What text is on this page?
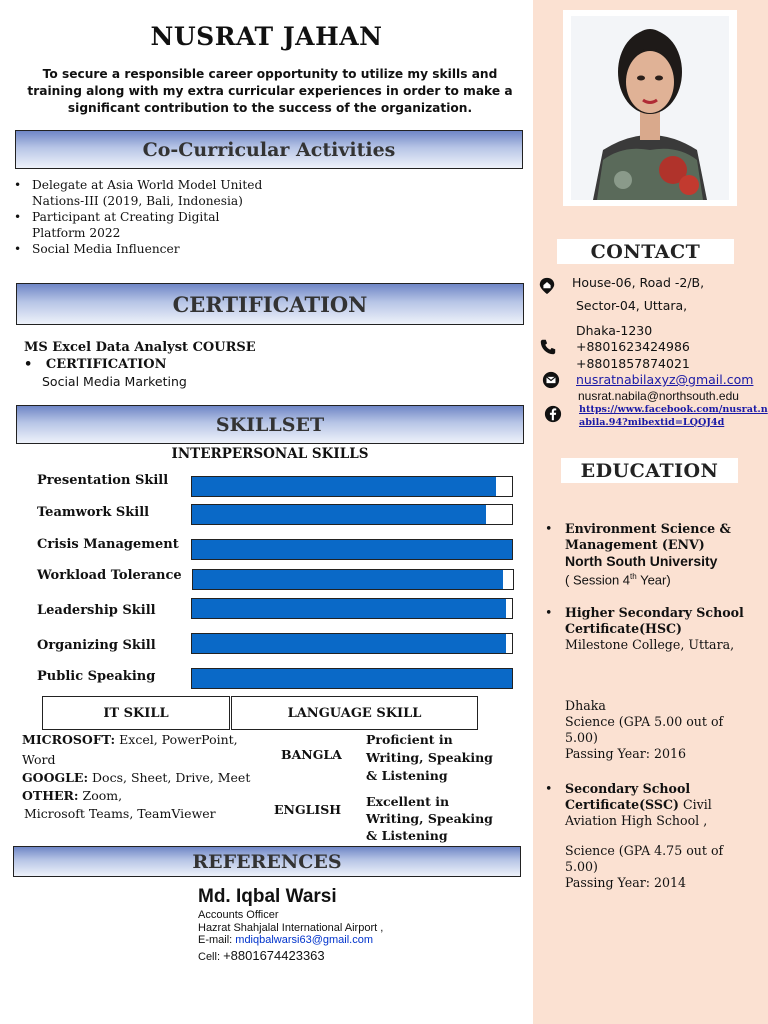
NUSRAT JAHAN
To secure a responsible career opportunity to utilize my skills and training along with my extra curricular experiences in order to make a significant contribution to the success of the organization.
Co-Curricular Activities
• Delegate at Asia World Model United
Nations-III (2019, Bali, Indonesia)
• Participant at Creating Digital
Platform 2022
• Social Media Influencer
CERTIFICATION
MS Excel Data Analyst COURSE
•   CERTIFICATION
Social Media Marketing
SKILLSET
INTERPERSONAL SKILLS
Presentation Skill
Teamwork Skill
Crisis Management
Workload Tolerance
Leadership Skill
Organizing Skill
Public Speaking
IT SKILL	LANGUAGE SKILL
MICROSOFT: Excel, PowerPoint,
Word
GOOGLE: Docs, Sheet, Drive, Meet
OTHER: Zoom,
Microsoft Teams, TeamViewer
BANGLA
Proficient in
Writing, Speaking
& Listening
ENGLISH
Excellent in
Writing, Speaking
& Listening
REFERENCES
Md. Iqbal Warsi
Accounts Officer
Hazrat Shahjalal International Airport ,
E-mail: mdiqbalwarsi63@gmail.com
Cell: +8801674423363
CONTACT
House-06, Road -2/B,
Sector-04, Uttara,
Dhaka-1230
+8801623424986
+8801857874021
nusratnabilaxyz@gmail.com
nusrat.nabila@northsouth.edu
https://www.facebook.com/nusrat.n
abila.94?mibextid=LQQJ4d
EDUCATION
• Environment Science &
Management (ENV)
North South University
( Session 4th Year)
• Higher Secondary School
Certificate(HSC)
Milestone College, Uttara,
Dhaka
Science (GPA 5.00 out of
5.00)
Passing Year: 2016
• Secondary School
Certificate(SSC) Civil
Aviation High School ,
Science (GPA 4.75 out of
5.00)
Passing Year: 2014
